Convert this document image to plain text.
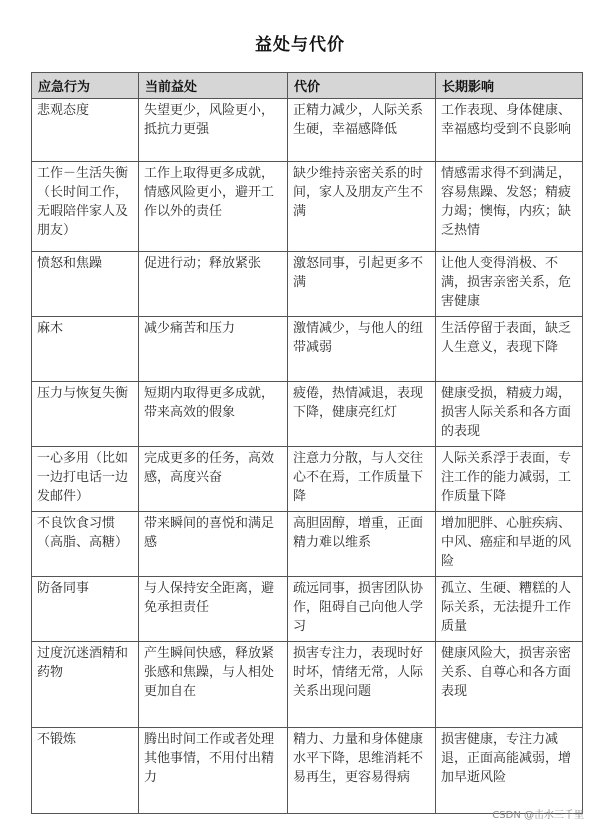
益处与代价
应急行为	当前益处	代价	长期影响
悲观态度	失望更少，风险更小，抵抗力更强	正精力减少，人际关系生硬，幸福感降低	工作表现、身体健康、幸福感均受到不良影响
工作－生活失衡（长时间工作，无暇陪伴家人及朋友）	工作上取得更多成就，情感风险更小，避开工作以外的责任	缺少维持亲密关系的时间，家人及朋友产生不满	情感需求得不到满足，容易焦躁、发怒；精疲力竭；懊悔，内疚；缺乏热情
愤怒和焦躁	促进行动；释放紧张	激怒同事，引起更多不满	让他人变得消极、不满，损害亲密关系，危害健康
麻木	减少痛苦和压力	激情减少，与他人的纽带减弱	生活停留于表面，缺乏人生意义，表现下降
压力与恢复失衡	短期内取得更多成就，带来高效的假象	疲倦，热情减退，表现下降，健康亮红灯	健康受损，精疲力竭，损害人际关系和各方面的表现
一心多用（比如一边打电话一边发邮件）	完成更多的任务，高效感，高度兴奋	注意力分散，与人交往心不在焉，工作质量下降	人际关系浮于表面，专注工作的能力减弱，工作质量下降
不良饮食习惯（高脂、高糖）	带来瞬间的喜悦和满足感	高胆固醇，增重，正面精力难以维系	增加肥胖、心脏疾病、中风、癌症和早逝的风险
防备同事	与人保持安全距离，避免承担责任	疏远同事，损害团队协作，阻碍自己向他人学习	孤立、生硬、糟糕的人际关系，无法提升工作质量
过度沉迷酒精和药物	产生瞬间快感，释放紧张感和焦躁，与人相处更加自在	损害专注力，表现时好时坏，情绪无常，人际关系出现问题	健康风险大，损害亲密关系、自尊心和各方面表现
不锻炼	腾出时间工作或者处理其他事情，不用付出精力	精力、力量和身体健康水平下降，思维消耗不易再生，更容易得病	损害健康，专注力减退，正面高能减弱，增加早逝风险
CSDN @击水三千里
